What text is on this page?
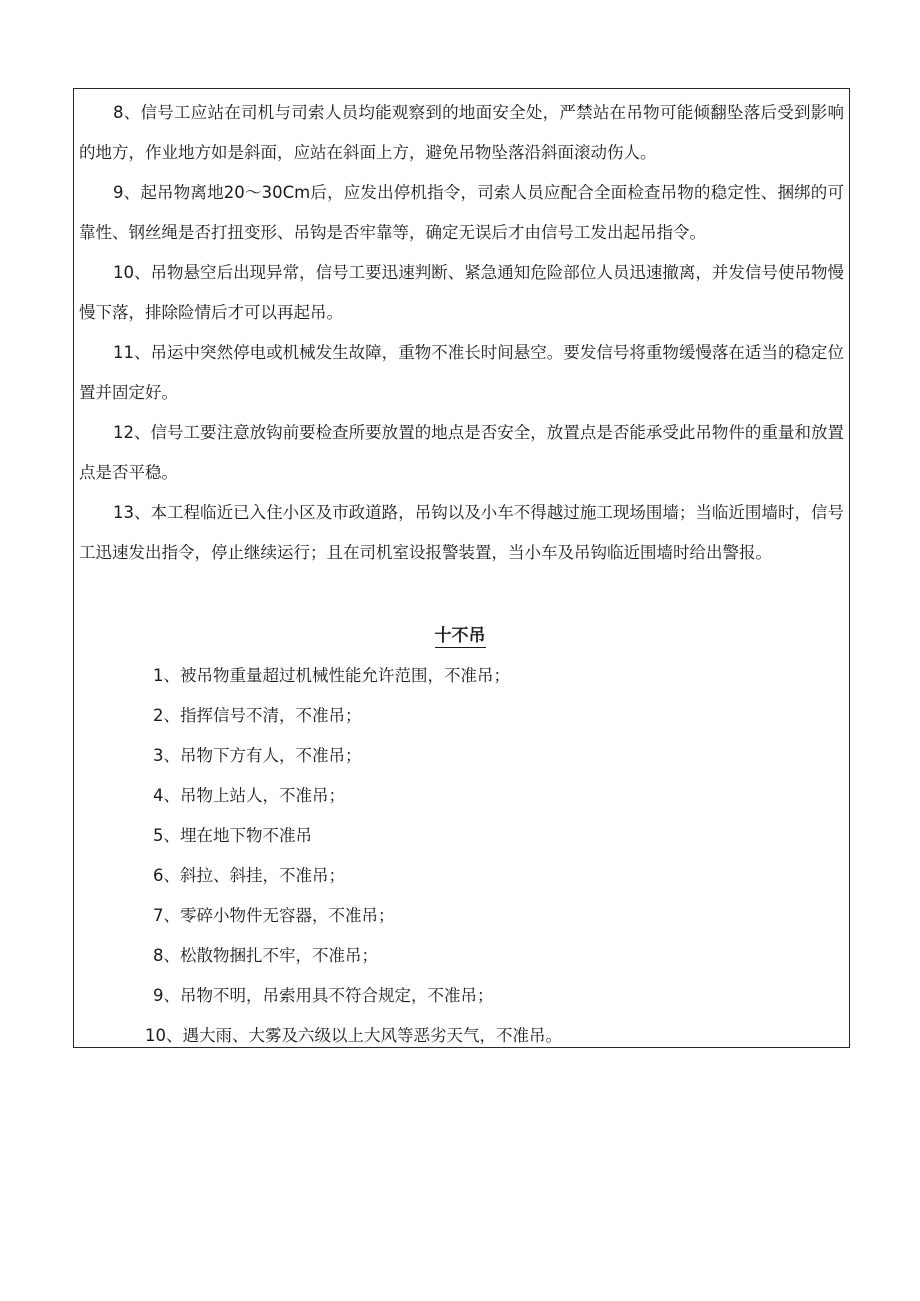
8、信号工应站在司机与司索人员均能观察到的地面安全处，严禁站在吊物可能倾翻坠落后受到影响的地方，作业地方如是斜面，应站在斜面上方，避免吊物坠落沿斜面滚动伤人。

9、起吊物离地20～30Cm后，应发出停机指令，司索人员应配合全面检查吊物的稳定性、捆绑的可靠性、钢丝绳是否打扭变形、吊钩是否牢靠等，确定无误后才由信号工发出起吊指令。

10、吊物悬空后出现异常，信号工要迅速判断、紧急通知危险部位人员迅速撤离，并发信号使吊物慢慢下落，排除险情后才可以再起吊。

11、吊运中突然停电或机械发生故障，重物不准长时间悬空。要发信号将重物缓慢落在适当的稳定位置并固定好。

12、信号工要注意放钩前要检查所要放置的地点是否安全，放置点是否能承受此吊物件的重量和放置点是否平稳。

13、本工程临近已入住小区及市政道路，吊钩以及小车不得越过施工现场围墙；当临近围墙时，信号工迅速发出指令，停止继续运行；且在司机室设报警装置，当小车及吊钩临近围墙时给出警报。

十不吊
1、被吊物重量超过机械性能允许范围，不准吊；
2、指挥信号不清，不准吊；
3、吊物下方有人，不准吊；
4、吊物上站人，不准吊；
5、埋在地下物不准吊
6、斜拉、斜挂，不准吊；
7、零碎小物件无容器，不准吊；
8、松散物捆扎不牢，不准吊；
9、吊物不明，吊索用具不符合规定，不准吊；
10、遇大雨、大雾及六级以上大风等恶劣天气，不准吊。
